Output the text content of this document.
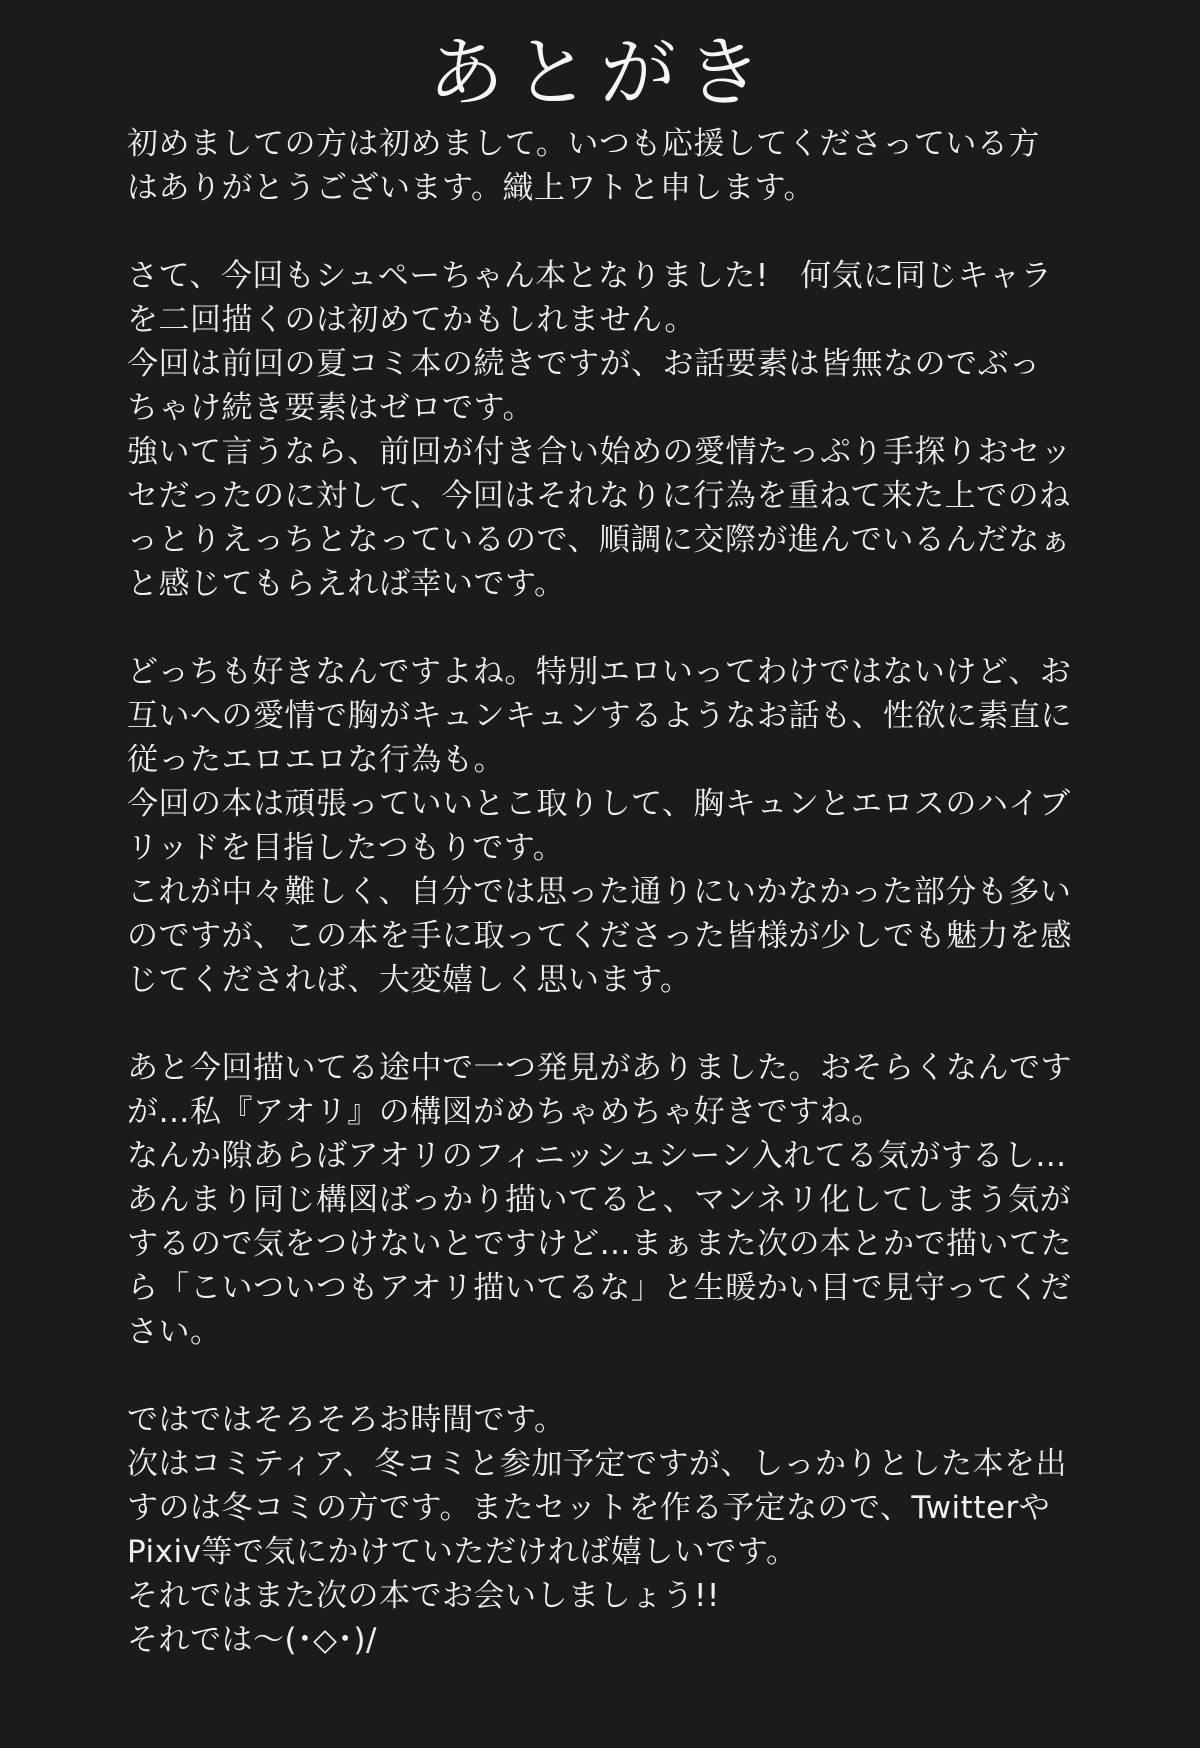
あとがき
初めましての方は初めまして。いつも応援してくださっている方
はありがとうございます。織上ワトと申します。
さて、今回もシュペーちゃん本となりました!　何気に同じキャラ
を二回描くのは初めてかもしれません。
今回は前回の夏コミ本の続きですが、お話要素は皆無なのでぶっ
ちゃけ続き要素はゼロです。
強いて言うなら、前回が付き合い始めの愛情たっぷり手探りおセッ
セだったのに対して、今回はそれなりに行為を重ねて来た上でのね
っとりえっちとなっているので、順調に交際が進んでいるんだなぁ
と感じてもらえれば幸いです。
どっちも好きなんですよね。特別エロいってわけではないけど、お
互いへの愛情で胸がキュンキュンするようなお話も、性欲に素直に
従ったエロエロな行為も。
今回の本は頑張っていいとこ取りして、胸キュンとエロスのハイブ
リッドを目指したつもりです。
これが中々難しく、自分では思った通りにいかなかった部分も多い
のですが、この本を手に取ってくださった皆様が少しでも魅力を感
じてくだされば、大変嬉しく思います。
あと今回描いてる途中で一つ発見がありました。おそらくなんです
が…私『アオリ』の構図がめちゃめちゃ好きですね。
なんか隙あらばアオリのフィニッシュシーン入れてる気がするし…
あんまり同じ構図ばっかり描いてると、マンネリ化してしまう気が
するので気をつけないとですけど…まぁまた次の本とかで描いてた
ら「こいついつもアオリ描いてるな」と生暖かい目で見守ってくだ
さい。
ではではそろそろお時間です。
次はコミティア、冬コミと参加予定ですが、しっかりとした本を出
すのは冬コミの方です。またセットを作る予定なので、Twitterや
Pixiv等で気にかけていただければ嬉しいです。
それではまた次の本でお会いしましょう!!
それでは～(･◇･)/
